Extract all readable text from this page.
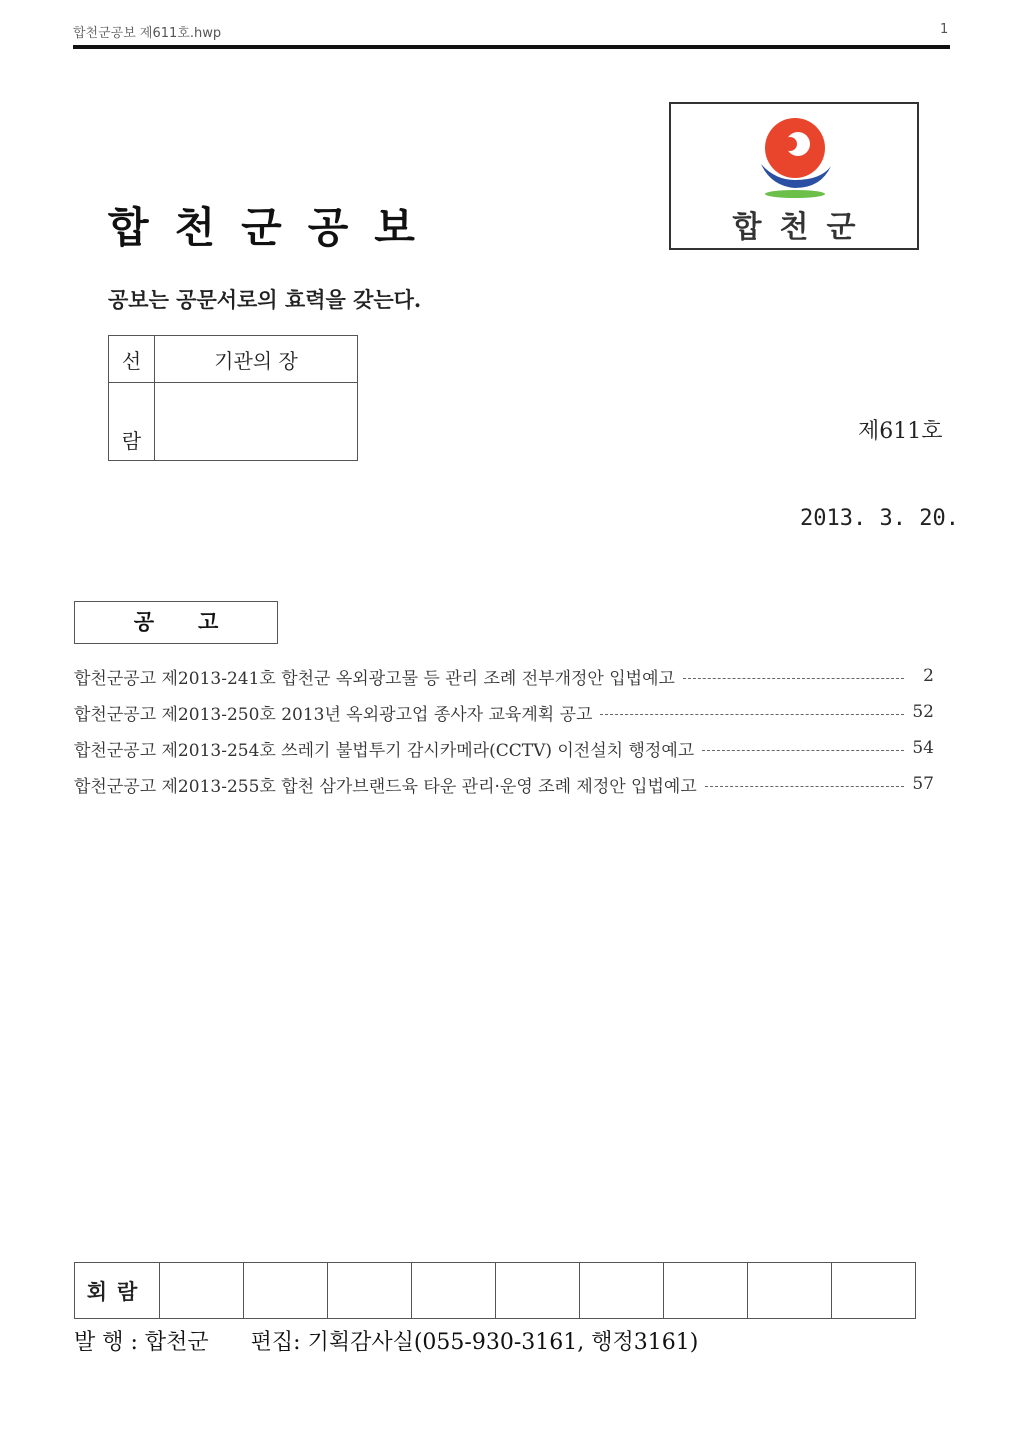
합천군공보 제611호.hwp	1
합천군공보
공보는 공문서로의 효력을 갖는다.
합천군
선	기관의 장
람		제611호
2013. 3. 20.
공고
합천군공고 제2013-241호 합천군 옥외광고물 등 관리 조례 전부개정안 입법예고	2
합천군공고 제2013-250호 2013년 옥외광고업 종사자 교육계획 공고	52
합천군공고 제2013-254호 쓰레기 불법투기 감시카메라(CCTV) 이전설치 행정예고	54
합천군공고 제2013-255호 합천 삼가브랜드육 타운 관리·운영 조례 제정안 입법예고	57
회람									
발 행 : 합천군 편집: 기획감사실(055-930-3161, 행정3161)
